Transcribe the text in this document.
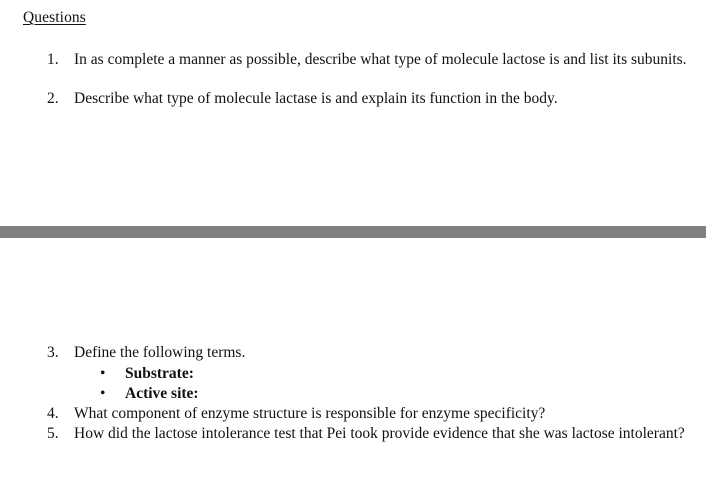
Questions
1. In as complete a manner as possible, describe what type of molecule lactose is and list its subunits.
2. Describe what type of molecule lactase is and explain its function in the body.
3. Define the following terms.
•	Substrate:
•	Active site:
4. What component of enzyme structure is responsible for enzyme specificity?
5. How did the lactose intolerance test that Pei took provide evidence that she was lactose intolerant?
